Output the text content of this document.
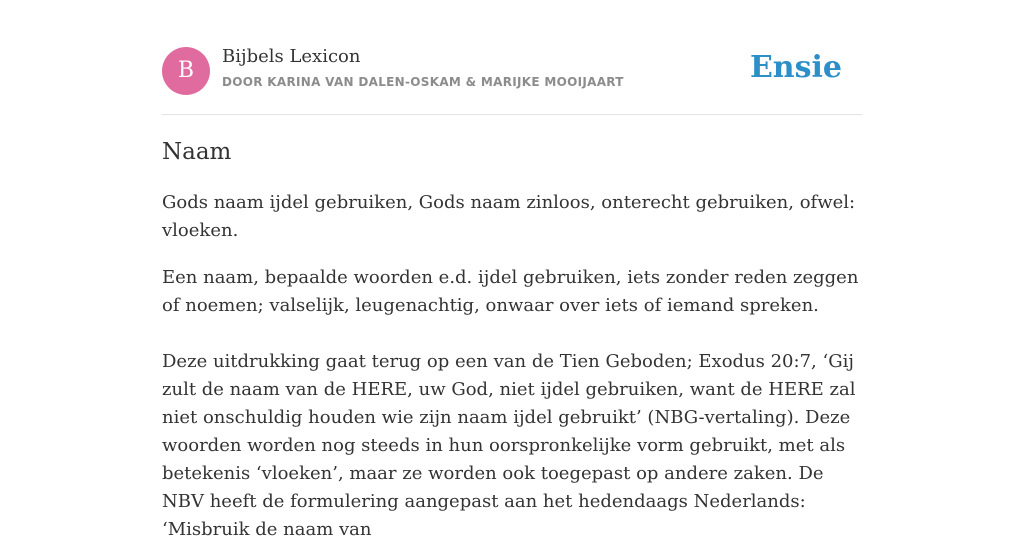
B
Bijbels Lexicon
DOOR KARINA VAN DALEN-OSKAM & MARIJKE MOOIJAART	Ensie
Naam

Gods naam ijdel gebruiken, Gods naam zinloos, onterecht gebruiken, ofwel: vloeken.

Een naam, bepaalde woorden e.d. ijdel gebruiken, iets zonder reden zeggen of noemen; valselijk, leugenachtig, onwaar over iets of iemand spreken.

Deze uitdrukking gaat terug op een van de Tien Geboden; Exodus 20:7, ‘Gij zult de naam van de HERE, uw God, niet ijdel gebruiken, want de HERE zal niet onschuldig houden wie zijn naam ijdel gebruikt’ (NBG-vertaling). Deze woorden worden nog steeds in hun oorspronkelijke vorm gebruikt, met als betekenis ‘vloeken’, maar ze worden ook toegepast op andere zaken. De NBV heeft de formulering aangepast aan het hedendaags Nederlands: ‘Misbruik de naam van
